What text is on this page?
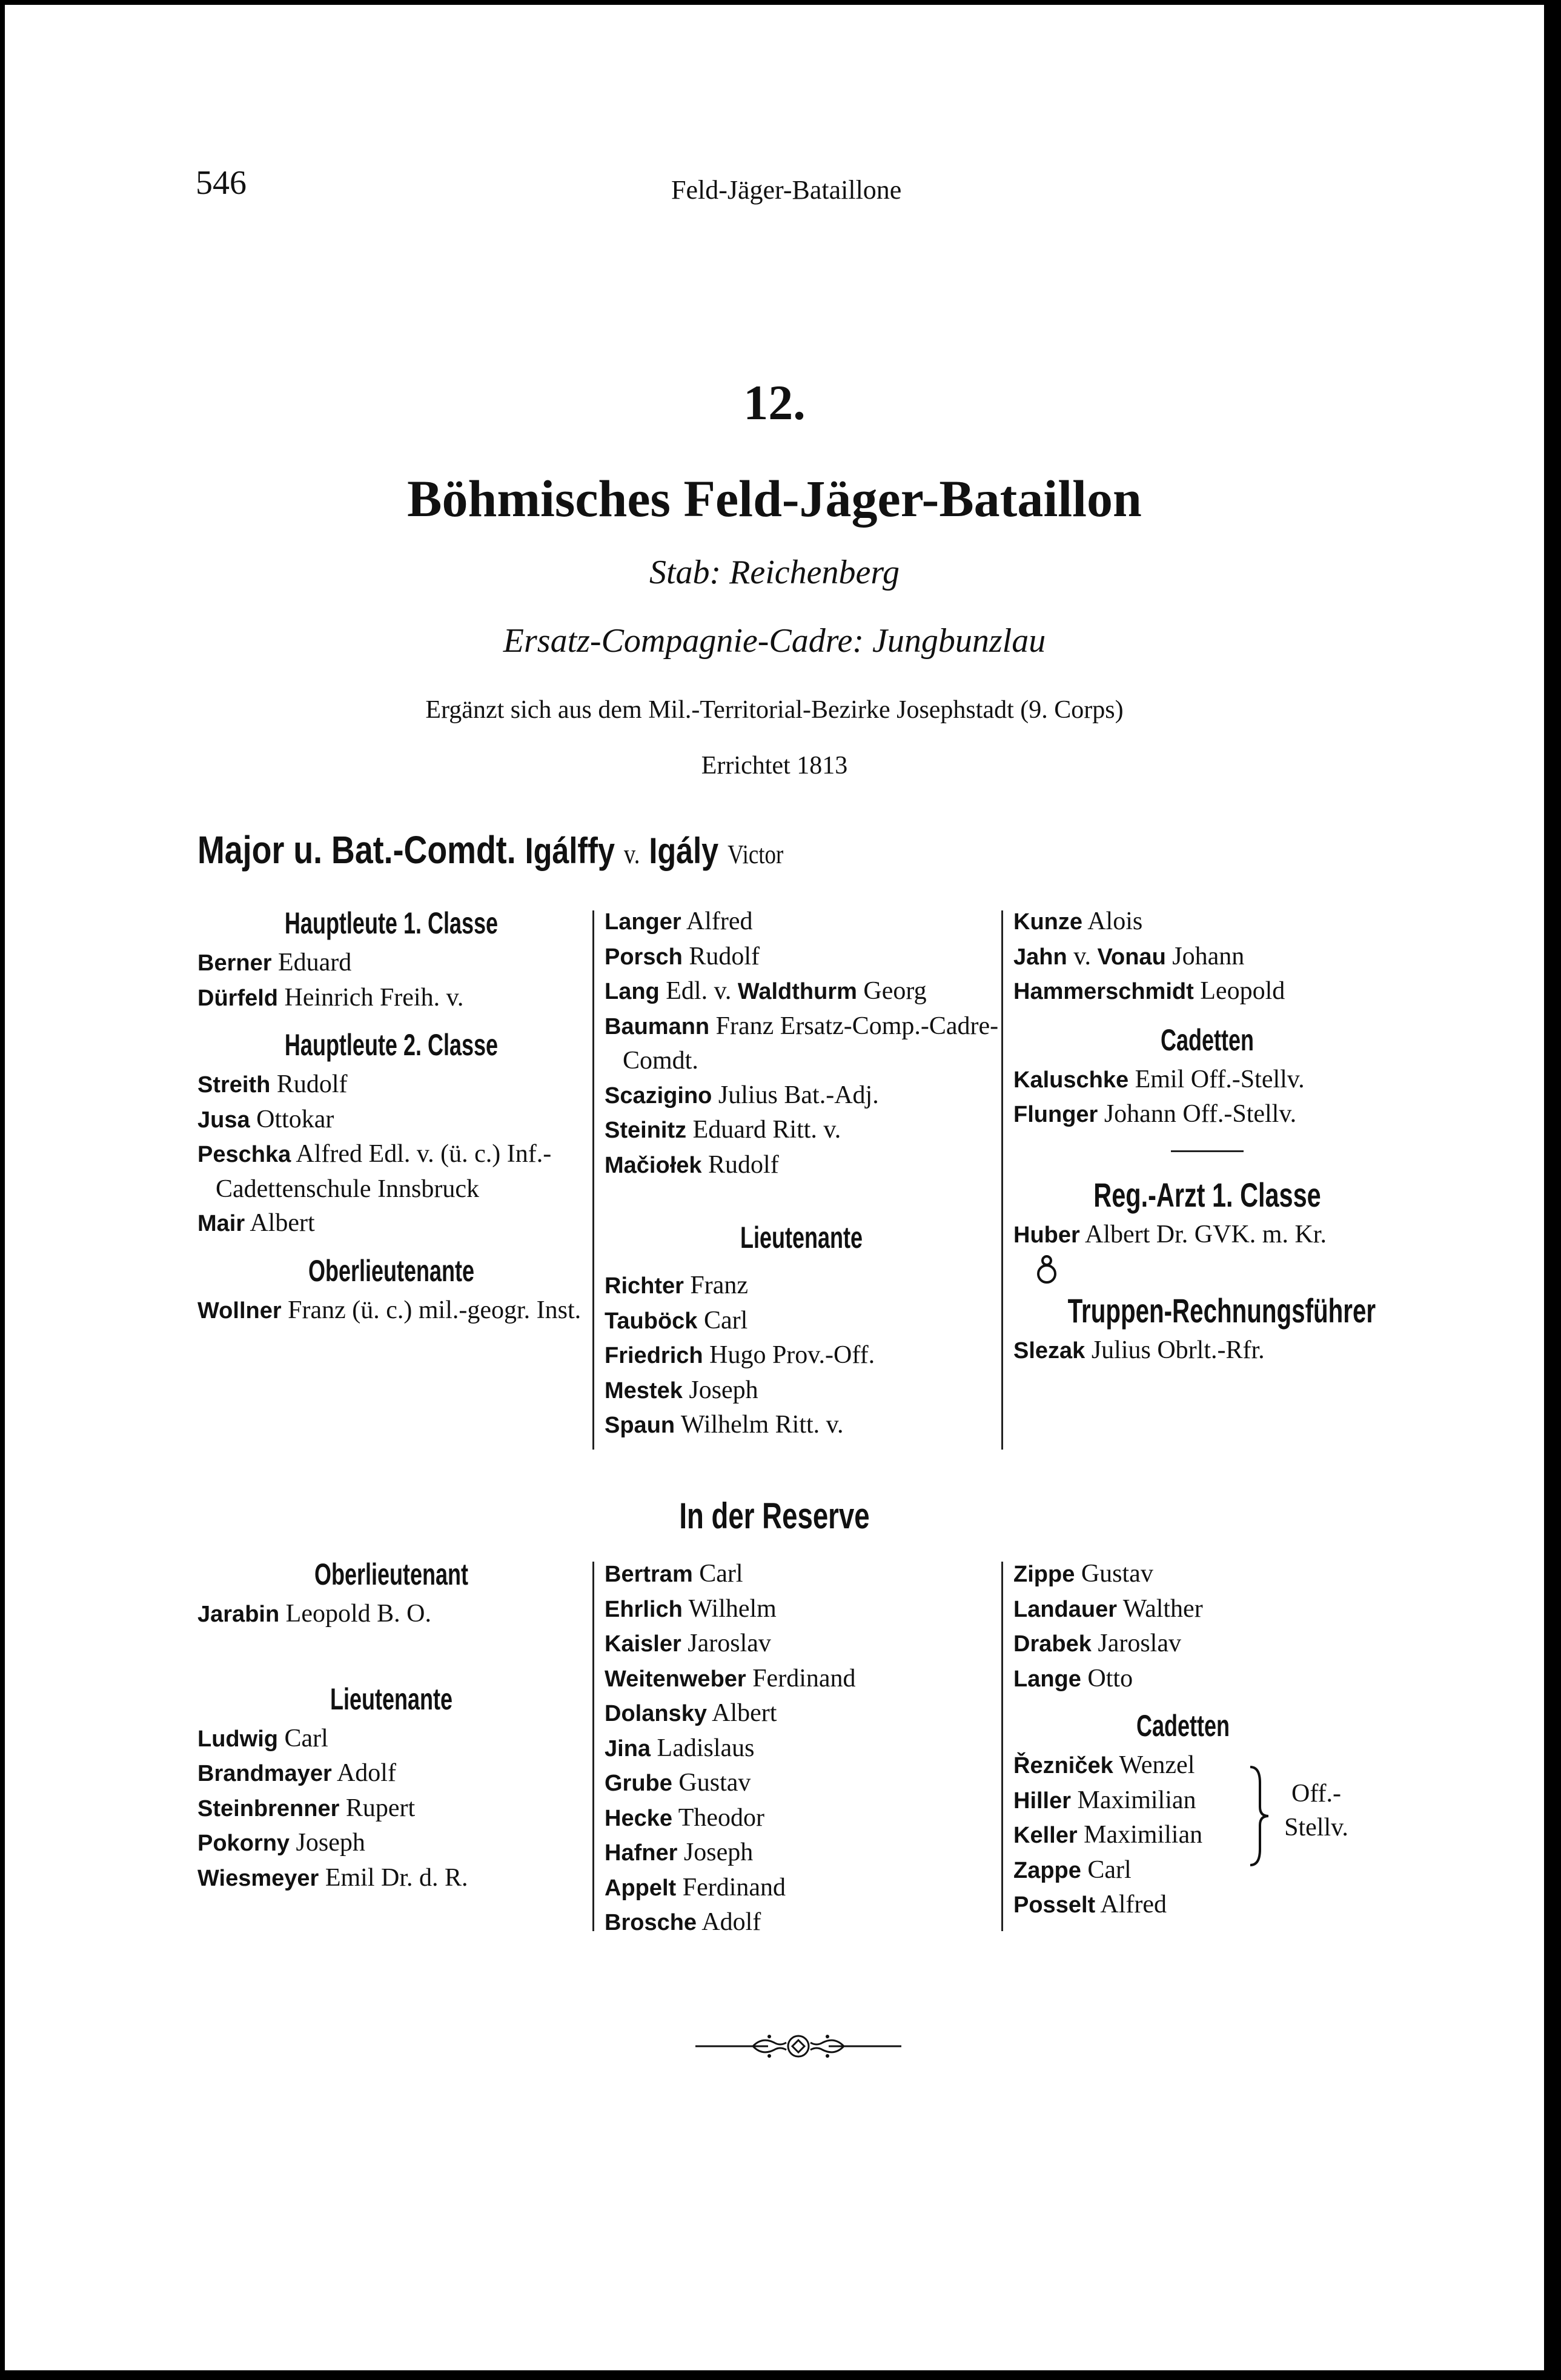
546	Feld-Jäger-Bataillone
12.
Böhmisches Feld-Jäger-Bataillon
Stab: Reichenberg
Ersatz-Compagnie-Cadre: Jungbunzlau
Ergänzt sich aus dem Mil.-Territorial-Bezirke Josephstadt (9. Corps)
Errichtet 1813
Major u. Bat.-Comdt. Igálffy v. Igály Victor
Hauptleute 1. Classe
Berner Eduard
Dürfeld Heinrich Freih. v.
Hauptleute 2. Classe
Streith Rudolf
Jusa Ottokar
Peschka Alfred Edl. v. (ü. c.) Inf.-Cadettenschule Innsbruck
Mair Albert
Oberlieutenante
Wollner Franz (ü. c.) mil.-geogr. Inst.
Langer Alfred
Porsch Rudolf
Lang Edl. v. Waldthurm Georg
Baumann Franz Ersatz-Comp.-Cadre-Comdt.
Scazigino Julius Bat.-Adj.
Steinitz Eduard Ritt. v.
Mačiołek Rudolf
Lieutenante
Richter Franz
Tauböck Carl
Friedrich Hugo Prov.-Off.
Mestek Joseph
Spaun Wilhelm Ritt. v.
Kunze Alois
Jahn v. Vonau Johann
Hammerschmidt Leopold
Cadetten
Kaluschke Emil Off.-Stellv.
Flunger Johann Off.-Stellv.
Reg.-Arzt 1. Classe
Huber Albert Dr. GVK. m. Kr.
Truppen-Rechnungsführer
Slezak Julius Obrlt.-Rfr.
In der Reserve
Oberlieutenant
Jarabin Leopold B. O.
Lieutenante
Ludwig Carl
Brandmayer Adolf
Steinbrenner Rupert
Pokorny Joseph
Wiesmeyer Emil Dr. d. R.
Bertram Carl
Ehrlich Wilhelm
Kaisler Jaroslav
Weitenweber Ferdinand
Dolansky Albert
Jina Ladislaus
Grube Gustav
Hecke Theodor
Hafner Joseph
Appelt Ferdinand
Brosche Adolf
Zippe Gustav
Landauer Walther
Drabek Jaroslav
Lange Otto
Cadetten
Řezniček Wenzel
Hiller Maximilian
Keller Maximilian
Zappe Carl
Posselt Alfred
Off.-Stellv.
